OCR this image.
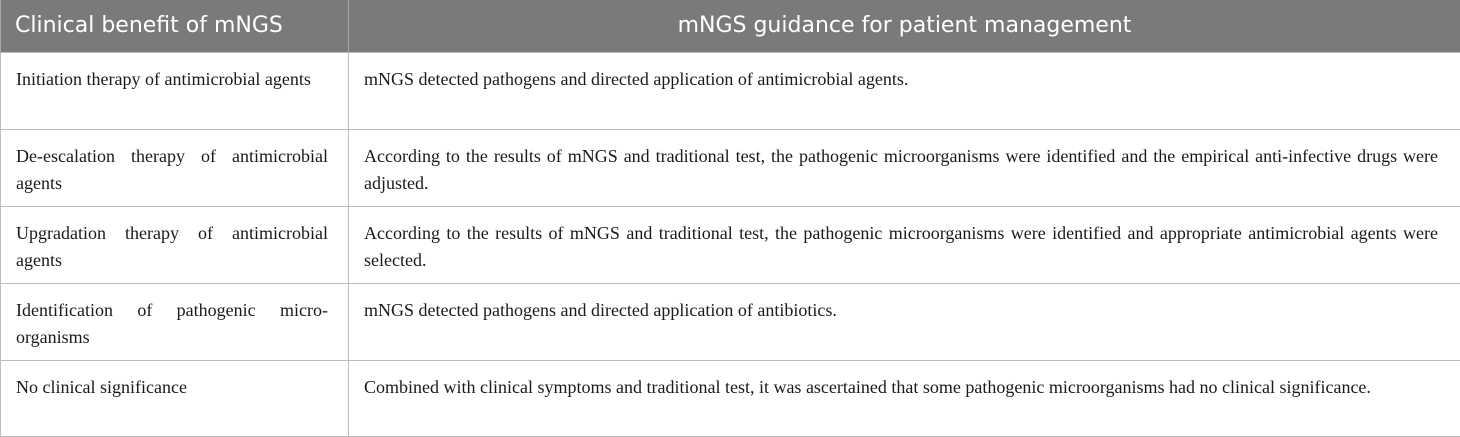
Clinical benefit of mNGS	mNGS guidance for patient management
Initiation therapy of antimicrobial agents	mNGS detected pathogens and directed application of antimicrobial agents.
De-escalation therapy of antimicrobial agents	According to the results of mNGS and traditional test, the pathogenic microorganisms were identified and the empirical anti-infective drugs were adjusted.
Upgradation therapy of antimicrobial agents	According to the results of mNGS and traditional test, the pathogenic microorganisms were identified and appropriate antimicrobial agents were selected.
Identification of pathogenic micro-organisms	mNGS detected pathogens and directed application of antibiotics.
No clinical significance	Combined with clinical symptoms and traditional test, it was ascertained that some pathogenic microorganisms had no clinical significance.
